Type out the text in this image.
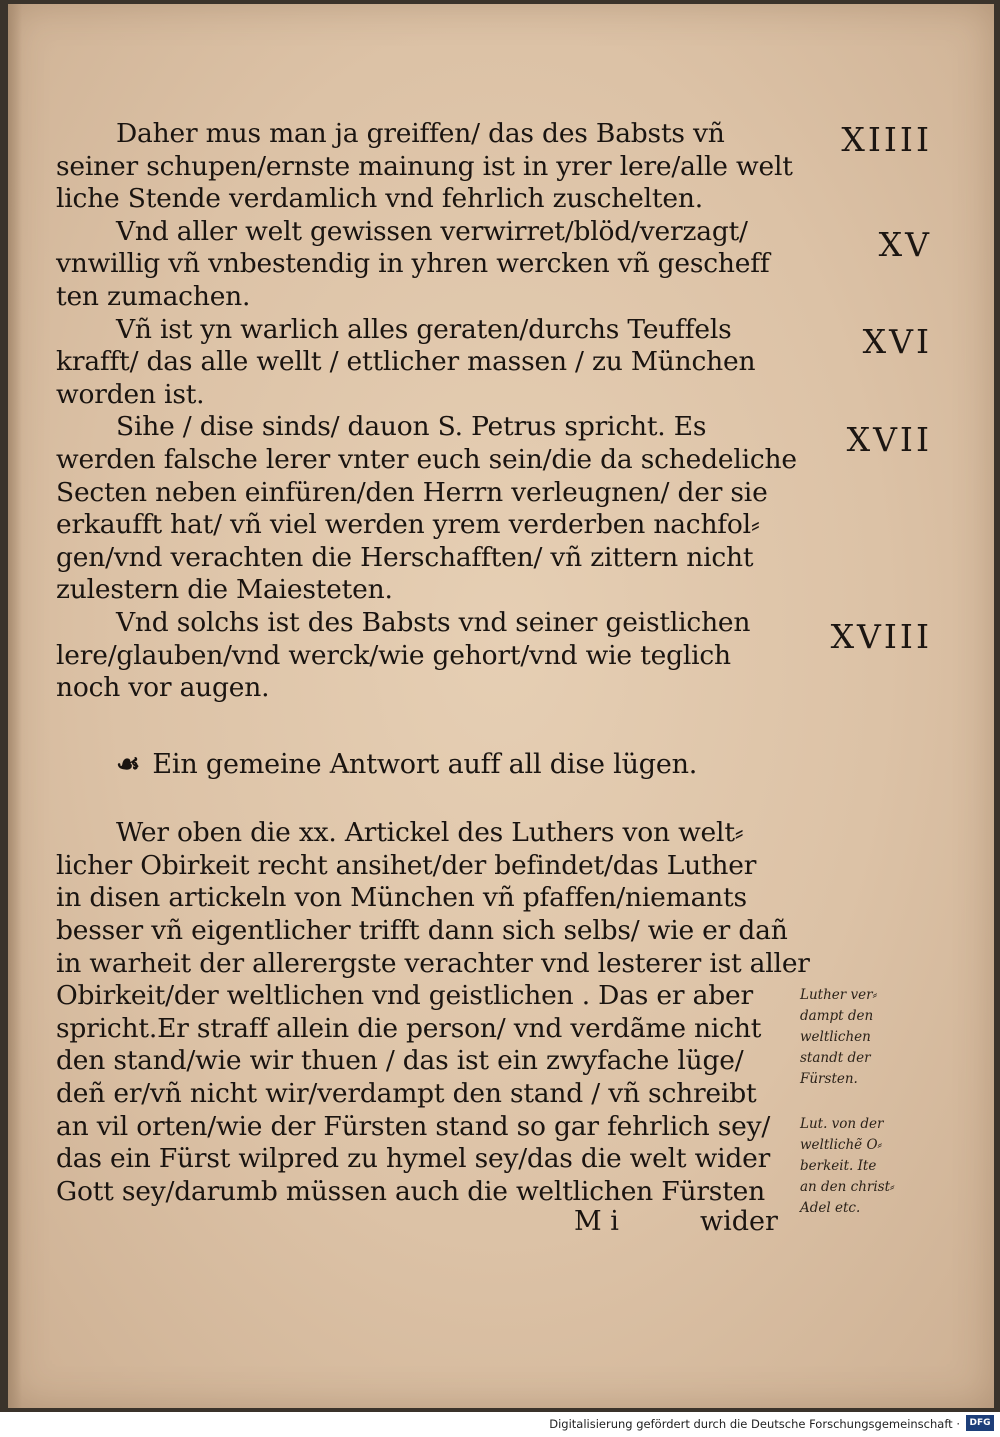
Daher mus man ja greiffen/ das des Babsts vñ
seiner schupen/ernste mainung ist in yrer lere/alle welt
liche Stende verdamlich vnd fehrlich zuschelten.

Vnd aller welt gewissen verwirret/blöd/verzagt/
vnwillig vñ vnbestendig in yhren wercken vñ gescheff
ten zumachen.

Vñ ist yn warlich alles geraten/durchs Teuffels
krafft/ das alle wellt / ettlicher massen / zu München
worden ist.

Sihe / dise sinds/ dauon S. Petrus spricht. Es
werden falsche lerer vnter euch sein/die da schedeliche
Secten neben einfüren/den Herrn verleugnen/ der sie
erkaufft hat/ vñ viel werden yrem verderben nachfol⸗
gen/vnd verachten die Herschafften/ vñ zittern nicht
zulestern die Maiesteten.

Vnd solchs ist des Babsts vnd seiner geistlichen
lere/glauben/vnd werck/wie gehort/vnd wie teglich
noch vor augen.

☙ Ein gemeine Antwort auff all dise lügen.

Wer oben die xx. Artickel des Luthers von welt⸗
licher Obirkeit recht ansihet/der befindet/das Luther
in disen artickeln von München vñ pfaffen/niemants
besser vñ eigentlicher trifft dann sich selbs/ wie er dañ
in warheit der allerergste verachter vnd lesterer ist aller
Obirkeit/der weltlichen vnd geistlichen . Das er aber
spricht.Er straff allein die person/ vnd verdãme nicht
den stand/wie wir thuen / das ist ein zwyfache lüge/
deñ er/vñ nicht wir/verdampt den stand / vñ schreibt
an vil orten/wie der Fürsten stand so gar fehrlich sey/
das ein Fürst wilpred zu hymel sey/das die welt wider
Gott sey/darumb müssen auch die weltlichen Fürsten

XIIII
XV
XVI
XVII
XVIII
Luther ver⸗
dampt den
weltlichen
standt der
Fürsten.
Lut. von der
weltlichẽ O⸗
berkeit. Ite
an den christ⸗
Adel etc.
M i	wider
Digitalisierung gefördert durch die Deutsche Forschungsgemeinschaft ·	DFG
